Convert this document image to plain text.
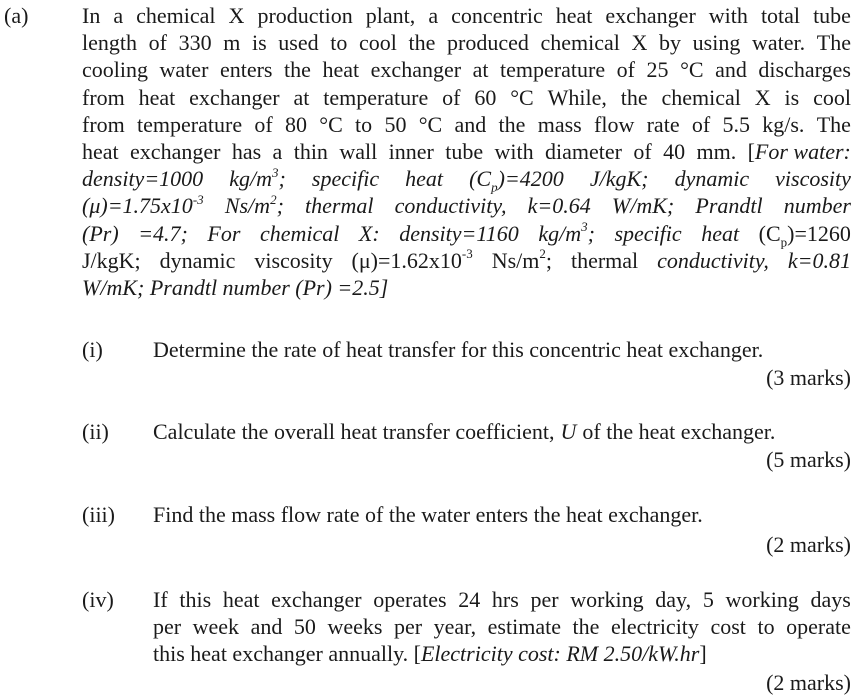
(a) In a chemical X production plant, a concentric heat exchanger with total tube
length of 330 m is used to cool the produced chemical X by using water. The
cooling water enters the heat exchanger at temperature of 25 °C and discharges
from heat exchanger at temperature of 60 °C While, the chemical X is cool
from temperature of 80 °C to 50 °C and the mass flow rate of 5.5 kg/s. The
heat exchanger has a thin wall inner tube with diameter of 40 mm. [For water:
density=1000 $kg/m^3$; specific heat $(C_p)=4200$ J/kgK; dynamic viscosity
$(\mu)=1.75x10^{-3}$ $Ns/m^2$; thermal conductivity, k=0.64 W/mK; Prandtl number
(Pr) =4.7; For chemical X: density=1160 $kg/m^3$; specific heat $(C_p)=1260$
J/kgK; dynamic viscosity $(\mu)=1.62x10^{-3}$ $Ns/m^2$; thermal conductivity, k=0.81
W/mK; Prandtl number (Pr) =2.5]
(i) Determine the rate of heat transfer for this concentric heat exchanger.
(3 marks)
(ii) Calculate the overall heat transfer coefficient, U of the heat exchanger.
(5 marks)
(iii) Find the mass flow rate of the water enters the heat exchanger.
(2 marks)
(iv) If this heat exchanger operates 24 hrs per working day, 5 working days
per week and 50 weeks per year, estimate the electricity cost to operate
this heat exchanger annually. [ Electricity cost: RM 2.50/kW.hr ]
(2 marks)
